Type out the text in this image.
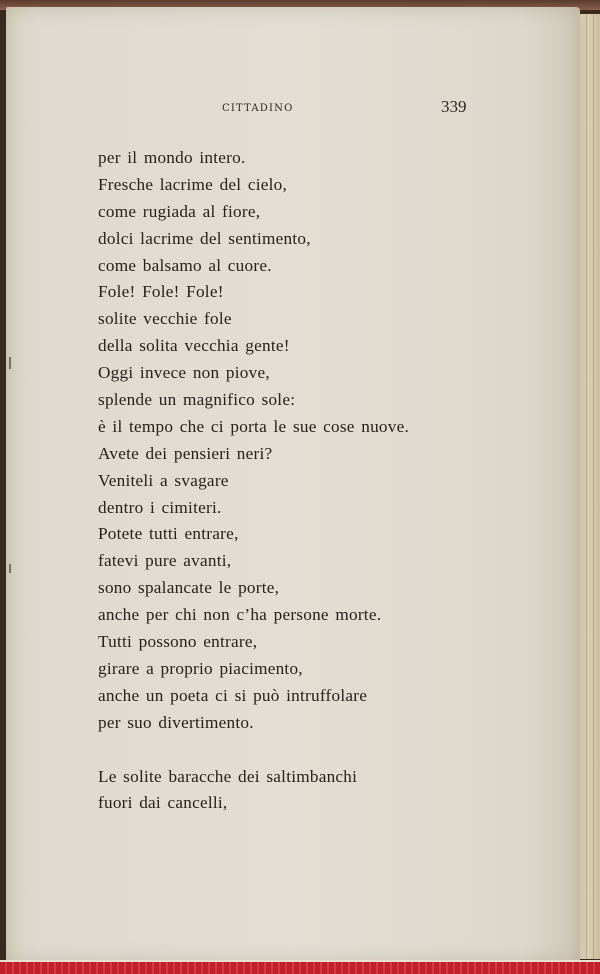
CITTADINO	339
per il mondo intero.
Fresche lacrime del cielo,
come rugiada al fiore,
dolci lacrime del sentimento,
come balsamo al cuore.
Fole! Fole! Fole!
solite vecchie fole
della solita vecchia gente!
Oggi invece non piove,
splende un magnifico sole:
è il tempo che ci porta le sue cose nuove.
Avete dei pensieri neri?
Veniteli a svagare
dentro i cimiteri.
Potete tutti entrare,
fatevi pure avanti,
sono spalancate le porte,
anche per chi non c’ha persone morte.
Tutti possono entrare,
girare a proprio piacimento,
anche un poeta ci si può intruffolare
per suo divertimento.
Le solite baracche dei saltimbanchi
fuori dai cancelli,
